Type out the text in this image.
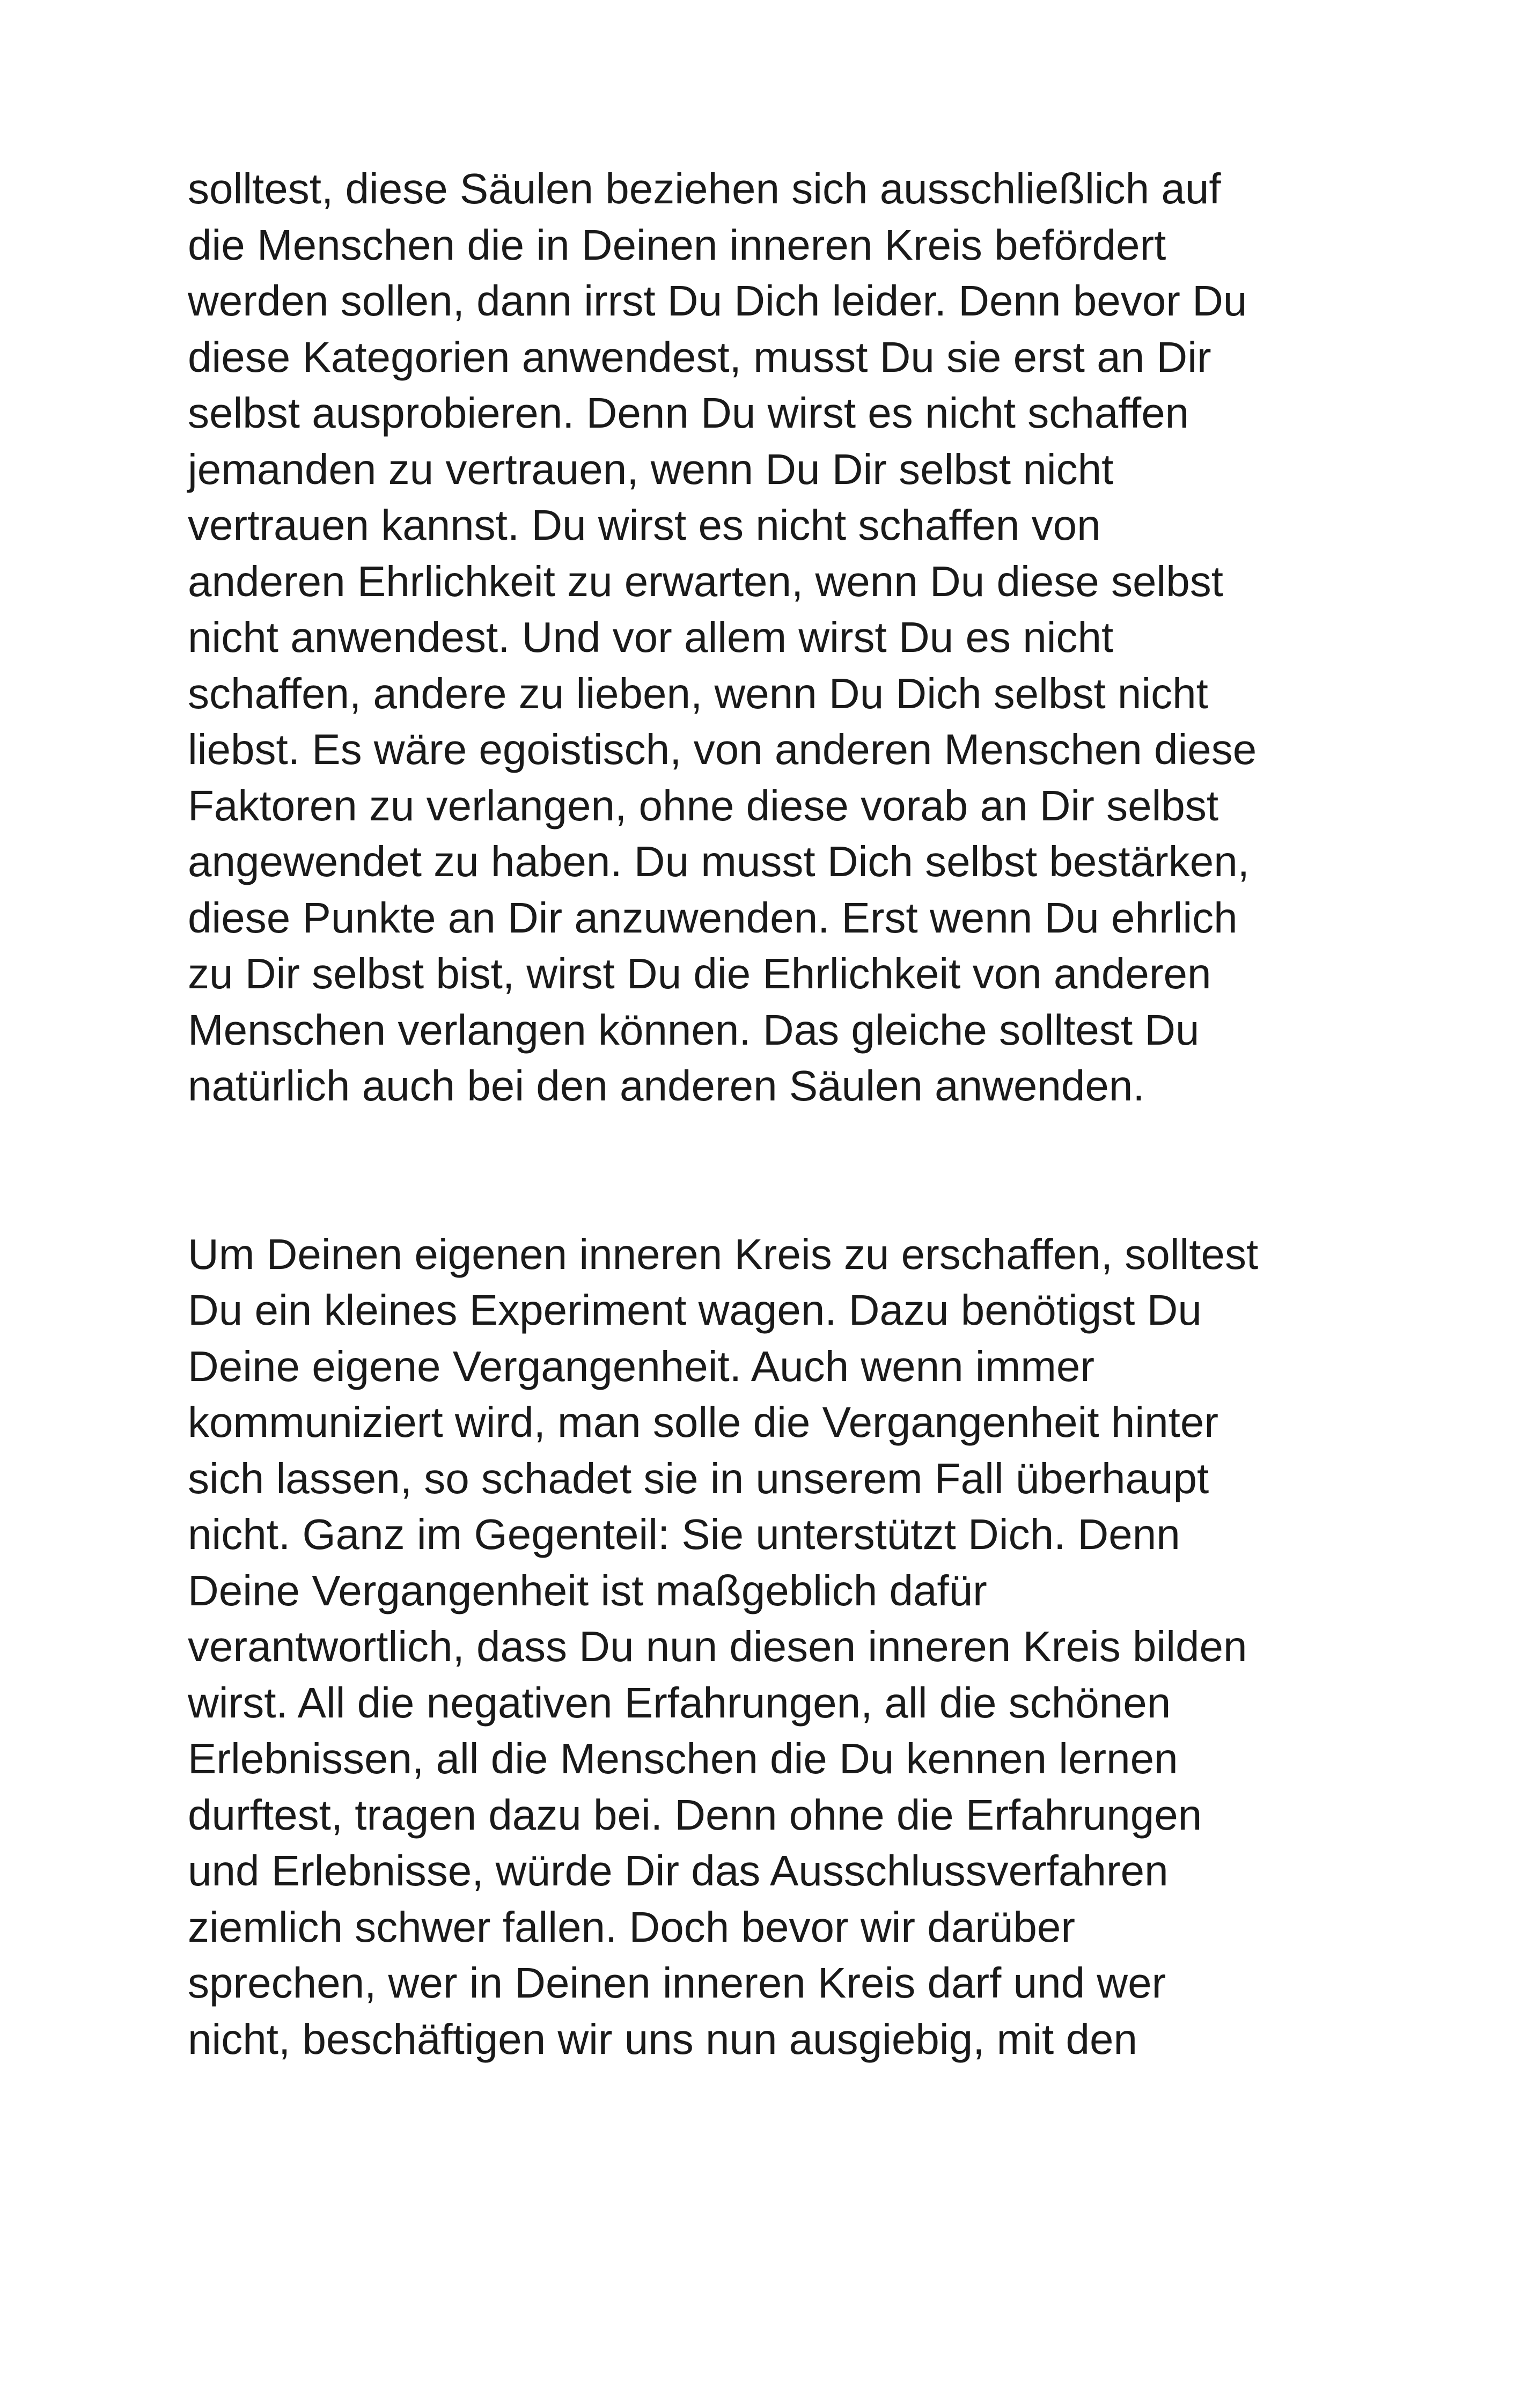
solltest, diese Säulen beziehen sich ausschließlich auf
die Menschen die in Deinen inneren Kreis befördert
werden sollen, dann irrst Du Dich leider. Denn bevor Du
diese Kategorien anwendest, musst Du sie erst an Dir
selbst ausprobieren. Denn Du wirst es nicht schaffen
jemanden zu vertrauen, wenn Du Dir selbst nicht
vertrauen kannst. Du wirst es nicht schaffen von
anderen Ehrlichkeit zu erwarten, wenn Du diese selbst
nicht anwendest. Und vor allem wirst Du es nicht
schaffen, andere zu lieben, wenn Du Dich selbst nicht
liebst. Es wäre egoistisch, von anderen Menschen diese
Faktoren zu verlangen, ohne diese vorab an Dir selbst
angewendet zu haben. Du musst Dich selbst bestärken,
diese Punkte an Dir anzuwenden. Erst wenn Du ehrlich
zu Dir selbst bist, wirst Du die Ehrlichkeit von anderen
Menschen verlangen können. Das gleiche solltest Du
natürlich auch bei den anderen Säulen anwenden.

Um Deinen eigenen inneren Kreis zu erschaffen, solltest
Du ein kleines Experiment wagen. Dazu benötigst Du
Deine eigene Vergangenheit. Auch wenn immer
kommuniziert wird, man solle die Vergangenheit hinter
sich lassen, so schadet sie in unserem Fall überhaupt
nicht. Ganz im Gegenteil: Sie unterstützt Dich. Denn
Deine Vergangenheit ist maßgeblich dafür
verantwortlich, dass Du nun diesen inneren Kreis bilden
wirst. All die negativen Erfahrungen, all die schönen
Erlebnissen, all die Menschen die Du kennen lernen
durftest, tragen dazu bei. Denn ohne die Erfahrungen
und Erlebnisse, würde Dir das Ausschlussverfahren
ziemlich schwer fallen. Doch bevor wir darüber
sprechen, wer in Deinen inneren Kreis darf und wer
nicht, beschäftigen wir uns nun ausgiebig, mit den
